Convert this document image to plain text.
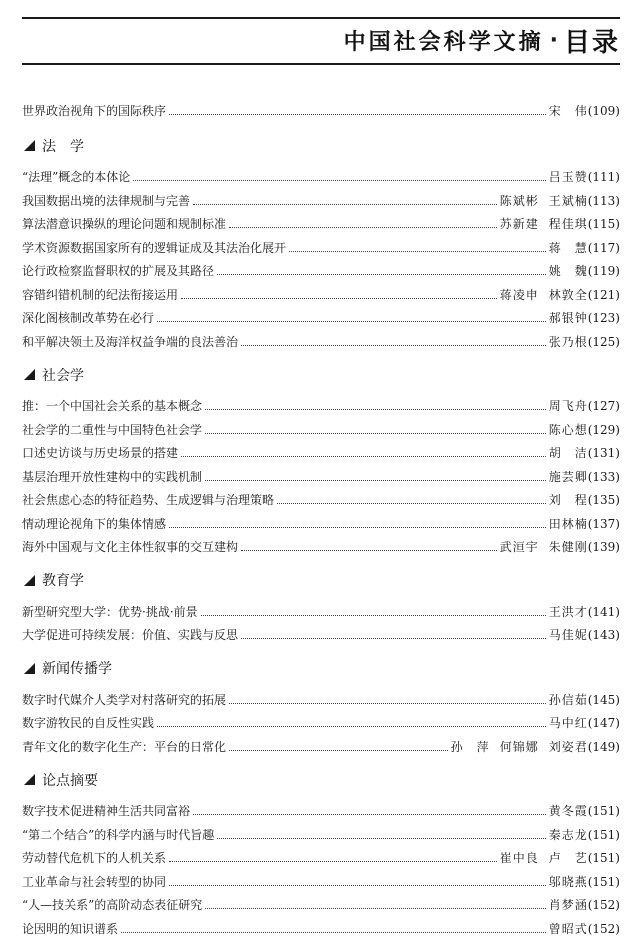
中国社会科学文摘 · 目录
世界政治视角下的国际秩序	宋　伟 (109)
法　学
“法理”概念的本体论	吕玉赞 (111)
我国数据出境的法律规制与完善	陈斌彬 王斌楠 (113)
算法潜意识操纵的理论问题和规制标准	苏新建 程佳琪 (115)
学术资源数据国家所有的逻辑证成及其法治化展开	蒋　慧 (117)
论行政检察监督职权的扩展及其路径	姚　魏 (119)
容错纠错机制的纪法衔接运用	蒋凌申 林敦全 (121)
深化阁核制改革势在必行	郝银钟 (123)
和平解决领土及海洋权益争端的良法善治	张乃根 (125)
社会学
推：一个中国社会关系的基本概念	周飞舟 (127)
社会学的二重性与中国特色社会学	陈心想 (129)
口述史访谈与历史场景的搭建	胡　洁 (131)
基层治理开放性建构中的实践机制	施芸卿 (133)
社会焦虑心态的特征趋势、生成逻辑与治理策略	刘　程 (135)
情动理论视角下的集体情感	田林楠 (137)
海外中国观与文化主体性叙事的交互建构	武洹宇 朱健刚 (139)
教育学
新型研究型大学：优势·挑战·前景	王洪才 (141)
大学促进可持续发展：价值、实践与反思	马佳妮 (143)
新闻传播学
数字时代媒介人类学对村落研究的拓展	孙信茹 (145)
数字游牧民的自反性实践	马中红 (147)
青年文化的数字化生产：平台的日常化	孙　萍 何锦娜 刘姿君 (149)
论点摘要
数字技术促进精神生活共同富裕	黄冬霞 (151)
“第二个结合”的科学内涵与时代旨趣	秦志龙 (151)
劳动替代危机下的人机关系	崔中良 卢　艺 (151)
工业革命与社会转型的协同	邬晓燕 (151)
“人—技关系”的高阶动态表征研究	肖梦涵 (152)
论因明的知识谱系	曾昭式 (152)
